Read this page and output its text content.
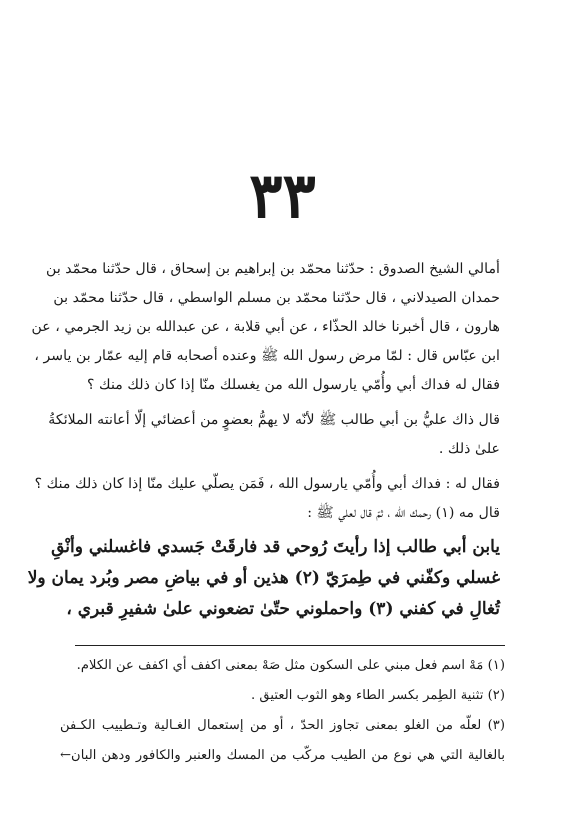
٣٣
أمالي الشيخ الصدوق : حدّثنا محمّد بن إبراهيم بن إسحاق ، قال حدّثنا محمّد بن
حمدان الصيدلاني ، قال حدّثنا محمّد بن مسلم الواسطي ، قال حدّثنا محمّد بن
هارون ، قال أخبرنا خالد الحذّاء ، عن أبي قلابة ، عن عبدالله بن زيد الجرمي ، عن
ابن عبّاس قال : لمّا مرض رسول الله ﷺ وعنده أصحابه قام إليه عمّار بن ياسر ،
فقال له فداك أبي وأُمّي يارسول الله من يغسلك منّا إذا كان ذلك منك ؟
قال ذاك عليُّ بن أبي طالب ﷺ لأنّه لا يهمُّ بعضوٍ من أعضائي إلّا أعانته الملائكةُ
علىٰ ذلك .
فقال له : فداك أبي وأُمّي يارسول الله ، فَمَن يصلّي عليك منّا إذا كان ذلك منك ؟
قال مه (١) رحمك اللّه ، ثمّ قال لعلي ﷺ :
يابن أبي طالب إذا رأيتَ رُوحي قد فارقَتْ جَسدي فاغسلني وأنْقِ
غسلي وكفّني في طِمرَيّ (٢) هذين أو في بياضِ مصر وبُرد يمان ولا
تُغالِ في كفني (٣) واحملوني حتّىٰ تضعوني علىٰ شفيرِ قبري ،
(١) مَهْ اسم فعل مبني على السكون مثل صَهْ بمعنى اكفف أي اكفف عن الكلام.
(٢) تثنية الطِمر بكسر الطاء وهو الثوب العتيق .
(٣) لعلّه من الغلو بمعنى تجاوز الحدّ ، أو من إستعمال الغـالية وتـطييب الكـفن
بالغالية التي هي نوع من الطيب مركّب من المسك والعنبر والكافور ودهن البان←
